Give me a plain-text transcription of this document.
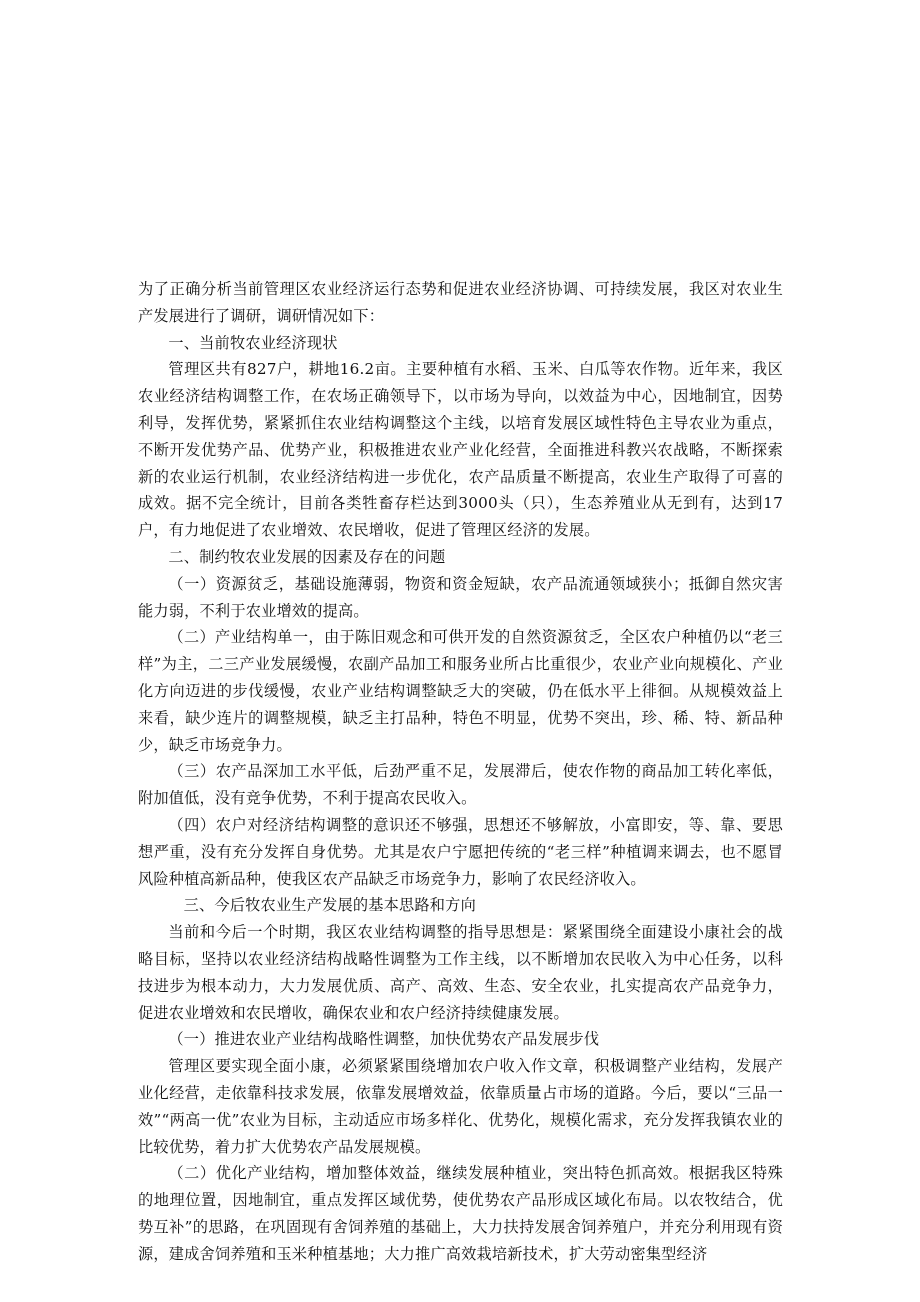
为了正确分析当前管理区农业经济运行态势和促进农业经济协调、可持续发展，我区对农业生产发展进行了调研，调研情况如下：

一、当前牧农业经济现状

管理区共有827户，耕地16.2亩。主要种植有水稻、玉米、白瓜等农作物。近年来，我区农业经济结构调整工作，在农场正确领导下，以市场为导向，以效益为中心，因地制宜，因势利导，发挥优势，紧紧抓住农业结构调整这个主线，以培育发展区域性特色主导农业为重点，不断开发优势产品、优势产业，积极推进农业产业化经营，全面推进科教兴农战略，不断探索新的农业运行机制，农业经济结构进一步优化，农产品质量不断提高，农业生产取得了可喜的成效。据不完全统计，目前各类牲畜存栏达到3000头（只），生态养殖业从无到有，达到17户，有力地促进了农业增效、农民增收，促进了管理区经济的发展。

二、制约牧农业发展的因素及存在的问题

（一）资源贫乏，基础设施薄弱，物资和资金短缺，农产品流通领域狭小；抵御自然灾害能力弱，不利于农业增效的提高。

（二）产业结构单一，由于陈旧观念和可供开发的自然资源贫乏，全区农户种植仍以“老三样”为主，二三产业发展缓慢，农副产品加工和服务业所占比重很少，农业产业向规模化、产业化方向迈进的步伐缓慢，农业产业结构调整缺乏大的突破，仍在低水平上徘徊。从规模效益上来看，缺少连片的调整规模，缺乏主打品种，特色不明显，优势不突出，珍、稀、特、新品种少，缺乏市场竞争力。

（三）农产品深加工水平低，后劲严重不足，发展滞后，使农作物的商品加工转化率低，附加值低，没有竞争优势，不利于提高农民收入。

（四）农户对经济结构调整的意识还不够强，思想还不够解放，小富即安，等、靠、要思想严重，没有充分发挥自身优势。尤其是农户宁愿把传统的“老三样”种植调来调去，也不愿冒风险种植高新品种，使我区农产品缺乏市场竞争力，影响了农民经济收入。

三、今后牧农业生产发展的基本思路和方向

当前和今后一个时期，我区农业结构调整的指导思想是：紧紧围绕全面建设小康社会的战略目标，坚持以农业经济结构战略性调整为工作主线，以不断增加农民收入为中心任务，以科技进步为根本动力，大力发展优质、高产、高效、生态、安全农业，扎实提高农产品竞争力，促进农业增效和农民增收，确保农业和农户经济持续健康发展。

（一）推进农业产业结构战略性调整，加快优势农产品发展步伐

管理区要实现全面小康，必须紧紧围绕增加农户收入作文章，积极调整产业结构，发展产业化经营，走依靠科技求发展，依靠发展增效益，依靠质量占市场的道路。今后，要以“三品一效”“两高一优”农业为目标，主动适应市场多样化、优势化，规模化需求，充分发挥我镇农业的比较优势，着力扩大优势农产品发展规模。

（二）优化产业结构，增加整体效益，继续发展种植业，突出特色抓高效。根据我区特殊的地理位置，因地制宜，重点发挥区域优势，使优势农产品形成区域化布局。以农牧结合，优势互补”的思路，在巩固现有舍饲养殖的基础上，大力扶持发展舍饲养殖户，并充分利用现有资源，建成舍饲养殖和玉米种植基地；大力推广高效栽培新技术，扩大劳动密集型经济
